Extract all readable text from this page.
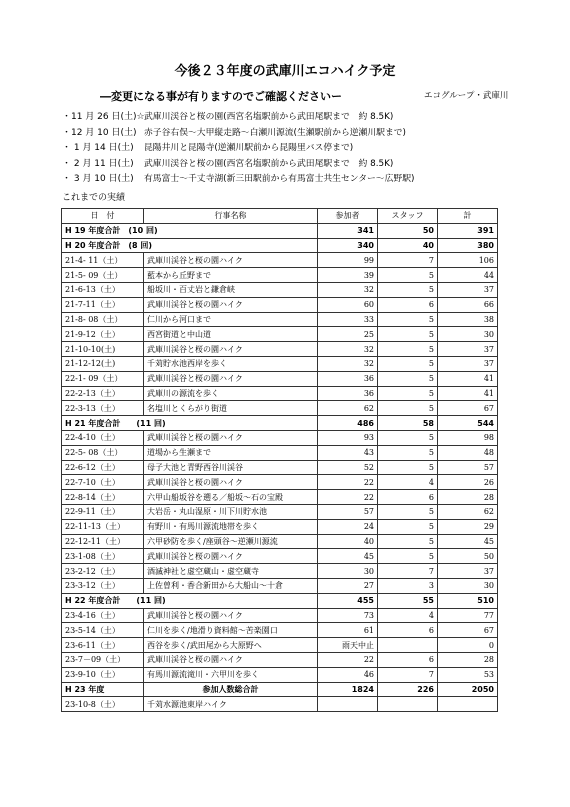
今後２３年度の武庫川エコハイク予定
―変更になる事が有りますのでご確認くださいー	エコグループ・武庫川
・11 月 26 日(土)☆武庫川渓谷と桜の園(西宮名塩駅前から武田尾駅まで　約 8.5K)
・12 月 10 日(土) 赤子谷右俣～大甲縦走路～白瀬川源流(生瀬駅前から逆瀬川駅まで)
・ 1 月 14 日(土) 昆陽井川と昆陽寺(逆瀬川駅前から昆陽里バス停まで)
・ 2 月 11 日(土) 武庫川渓谷と桜の園(西宮名塩駅前から武田尾駅まで　約 8.5K)
・ 3 月 10 日(土) 有馬富士～千丈寺湖(新三田駅前から有馬富士共生センター～広野駅)
これまでの実績
日　付	行事名称	参加者	スタッフ	計
H 19 年度合計　(10 回)		341	50	391
H 20 年度合計　(8 回)		340	40	380
21-4- 11（土）	武庫川渓谷と桜の園ハイク	99	7	106
21-5- 09（土）	藍本から丘野まで	39	5	44
21-6-13（土）	船坂川・百丈岩と鎌倉峡	32	5	37
21-7-11（土）	武庫川渓谷と桜の園ハイク	60	6	66
21-8- 08（土）	仁川から河口まで	33	5	38
21-9-12（土）	西宮街道と中山道	25	5	30
21-10-10(土)	武庫川渓谷と桜の園ハイク	32	5	37
21-12-12(土)	千苅貯水池西岸を歩く	32	5	37
22-1- 09（土）	武庫川渓谷と桜の園ハイク	36	5	41
22-2-13（土）	武庫川の源流を歩く	36	5	41
22-3-13（土）	名塩川とくらがり街道	62	5	67
H 21 年度合計　　(11 回)		486	58	544
22-4-10（土）	武庫川渓谷と桜の園ハイク	93	5	98
22-5- 08（土）	道場から生瀬まで	43	5	48
22-6-12（土）	母子大池と青野西谷川渓谷	52	5	57
22-7-10（土）	武庫川渓谷と桜の園ハイク	22	4	26
22-8-14（土）	六甲山船坂谷を遡る／船坂～石の宝殿	22	6	28
22-9-11（土）	大岩岳・丸山湿原・川下川貯水池	57	5	62
22-11-13（土）	有野川・有馬川源流地帯を歩く	24	5	29
22-12-11（土）	六甲砂防を歩く/座頭谷～逆瀬川源流	40	5	45
23-1-08（土）	武庫川渓谷と桜の園ハイク	45	5	50
23-2-12（土）	酒滅神社と虚空蔵山・虚空蔵寺	30	7	37
23-3-12（土）	上佐曽利・香合新田から大船山～十倉	27	3	30
H 22 年度合計　　(11 回)		455	55	510
23-4-16（土）	武庫川渓谷と桜の園ハイク	73	4	77
23-5-14（土）	仁川を歩く/地滑り資料館～苦楽園口	61	6	67
23-6-11（土）	西谷を歩く/武田尾から大原野へ	雨天中止		0
23-7－09（土）	武庫川渓谷と桜の園ハイク	22	6	28
23-9-10（土）	有馬川源流滝川・六甲川を歩く	46	7	53
H 23 年度	参加人数総合計	1824	226	2050
23-10-8（土）	千苅水源池東岸ハイク			
